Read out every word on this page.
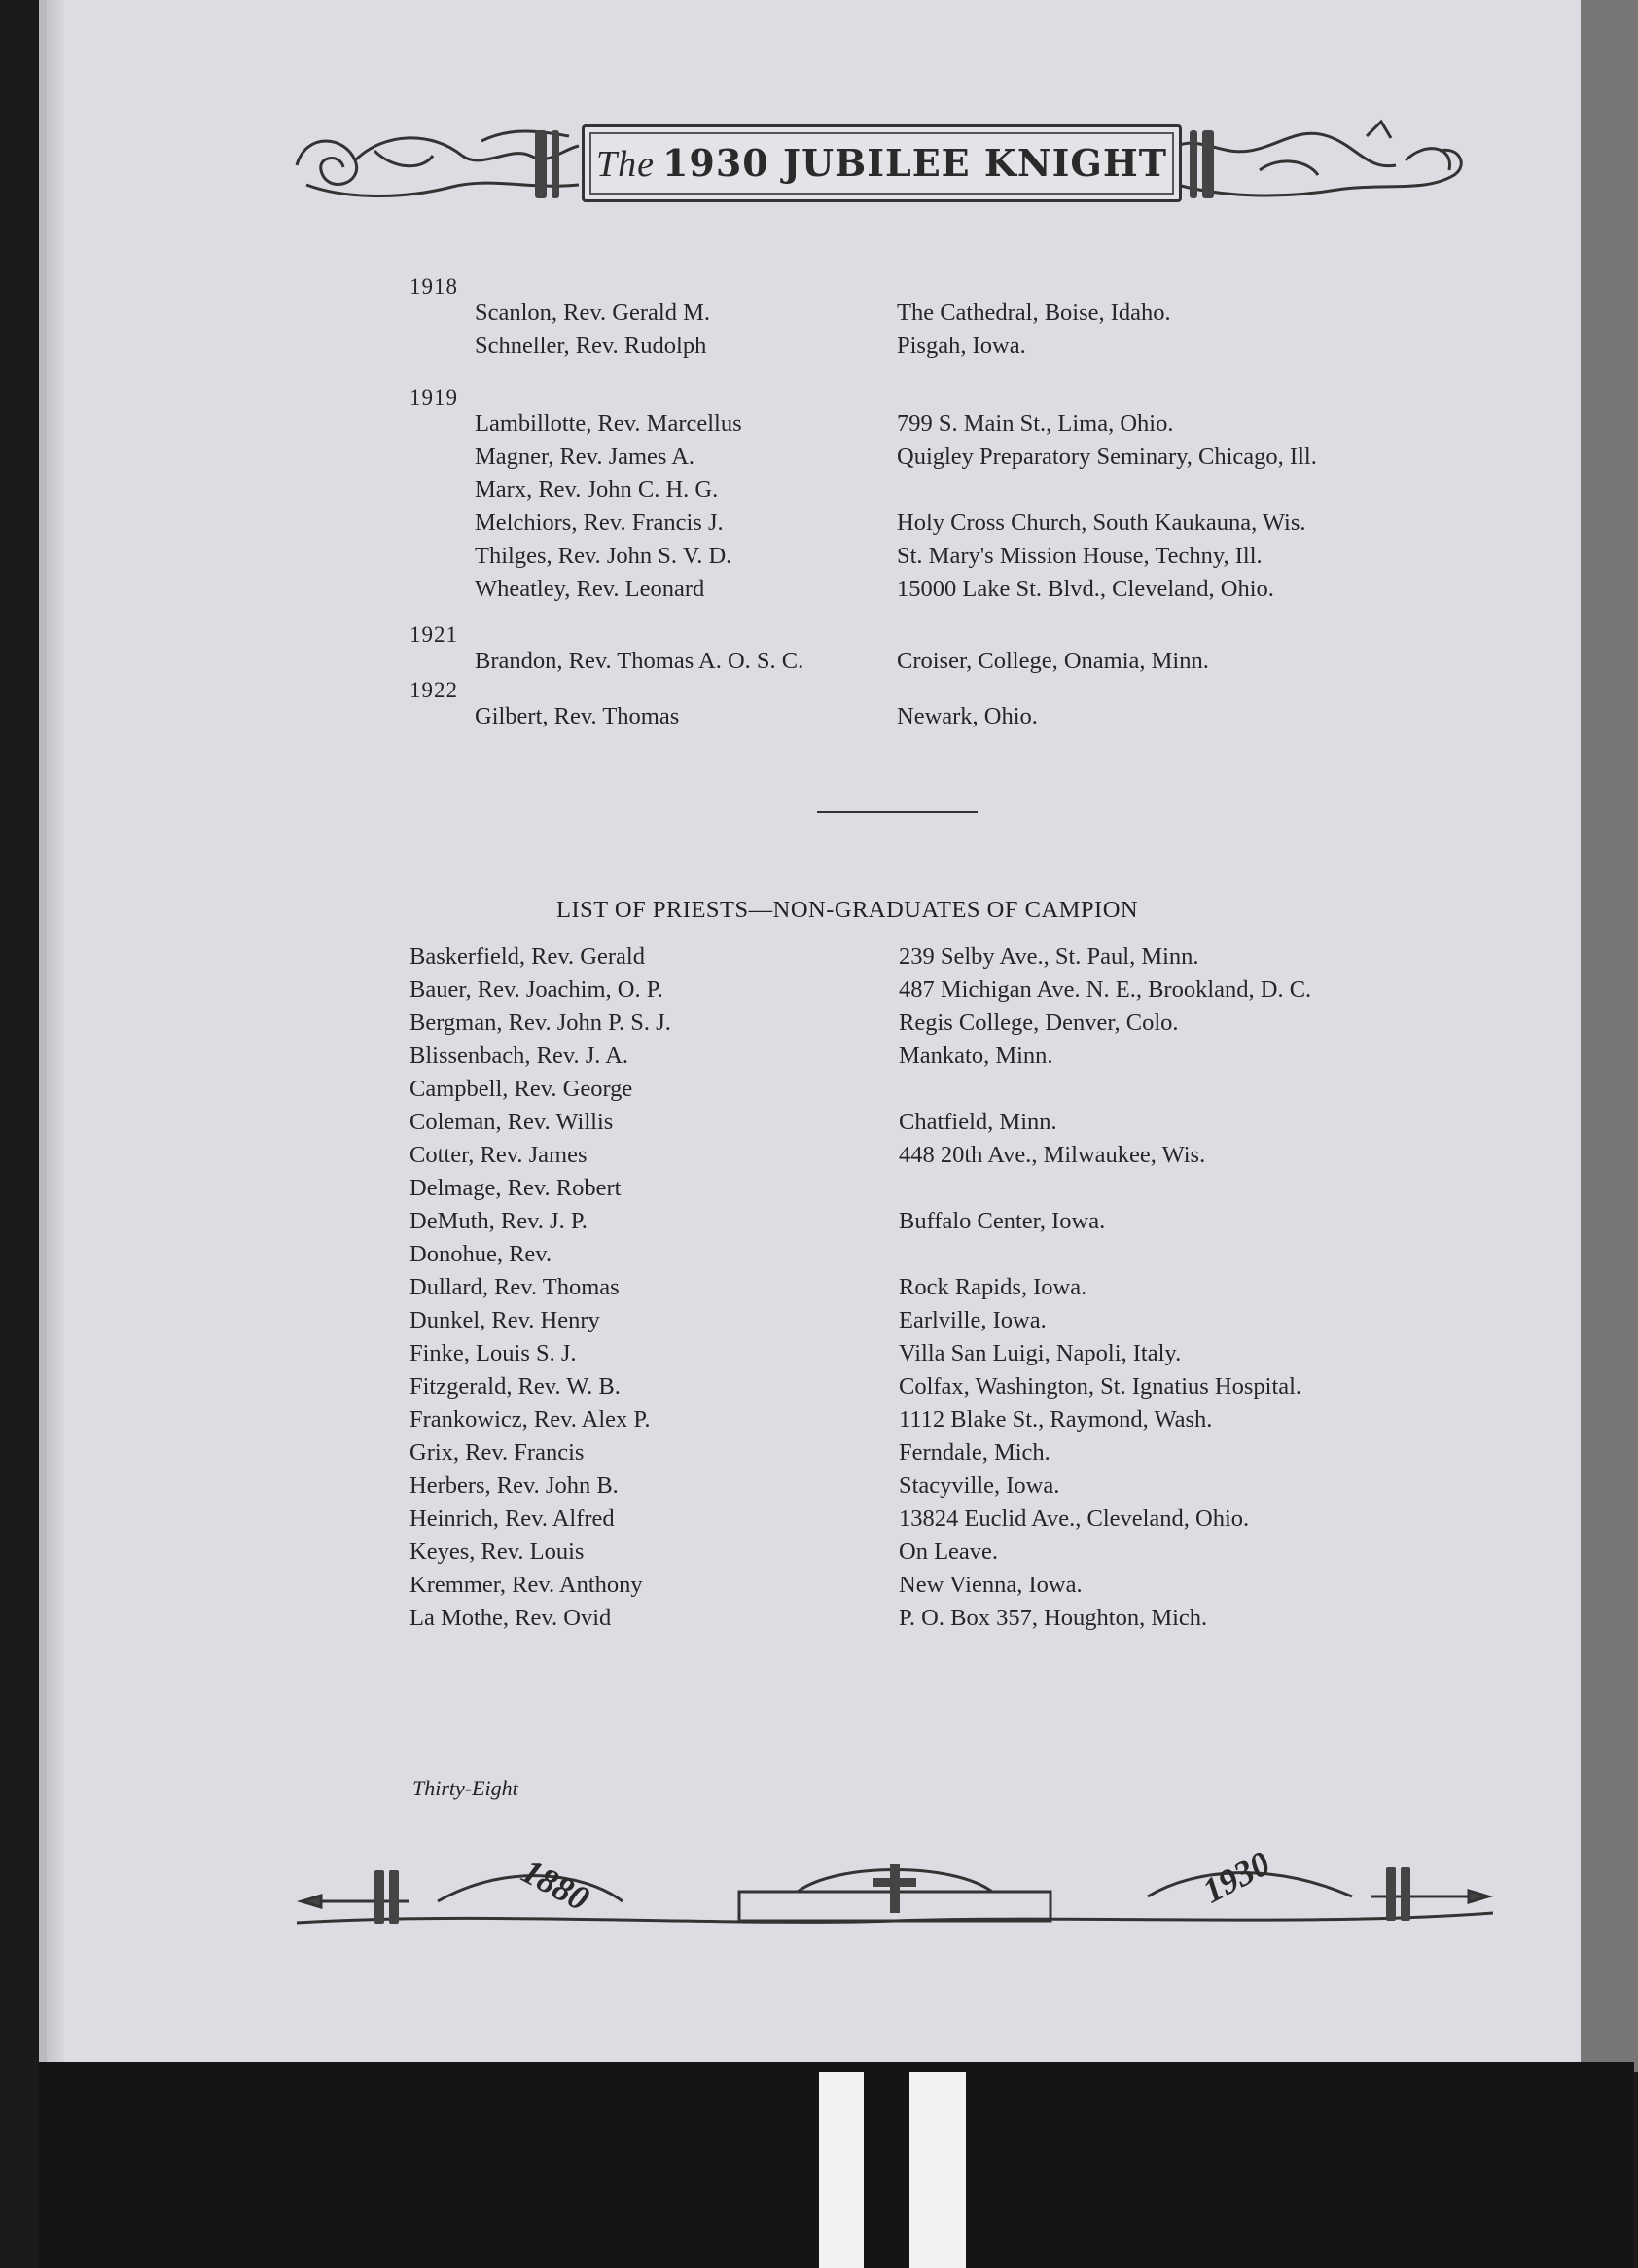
The 1930 JUBILEE KNIGHT
1918
Scanlon, Rev. Gerald M.	The Cathedral, Boise, Idaho.
Schneller, Rev. Rudolph	Pisgah, Iowa.
1919
Lambillotte, Rev. Marcellus	799 S. Main St., Lima, Ohio.
Magner, Rev. James A.	Quigley Preparatory Seminary, Chicago, Ill.
Marx, Rev. John C. H. G.
Melchiors, Rev. Francis J.	Holy Cross Church, South Kaukauna, Wis.
Thilges, Rev. John S. V. D.	St. Mary's Mission House, Techny, Ill.
Wheatley, Rev. Leonard	15000 Lake St. Blvd., Cleveland, Ohio.
1921
Brandon, Rev. Thomas A. O. S. C.	Croiser, College, Onamia, Minn.
1922
Gilbert, Rev. Thomas	Newark, Ohio.
LIST OF PRIESTS—NON-GRADUATES OF CAMPION
Baskerfield, Rev. Gerald	239 Selby Ave., St. Paul, Minn.
Bauer, Rev. Joachim, O. P.	487 Michigan Ave. N. E., Brookland, D. C.
Bergman, Rev. John P. S. J.	Regis College, Denver, Colo.
Blissenbach, Rev. J. A.	Mankato, Minn.
Campbell, Rev. George
Coleman, Rev. Willis	Chatfield, Minn.
Cotter, Rev. James	448 20th Ave., Milwaukee, Wis.
Delmage, Rev. Robert
DeMuth, Rev. J. P.	Buffalo Center, Iowa.
Donohue, Rev.
Dullard, Rev. Thomas	Rock Rapids, Iowa.
Dunkel, Rev. Henry	Earlville, Iowa.
Finke, Louis S. J.	Villa San Luigi, Napoli, Italy.
Fitzgerald, Rev. W. B.	Colfax, Washington, St. Ignatius Hospital.
Frankowicz, Rev. Alex P.	1112 Blake St., Raymond, Wash.
Grix, Rev. Francis	Ferndale, Mich.
Herbers, Rev. John B.	Stacyville, Iowa.
Heinrich, Rev. Alfred	13824 Euclid Ave., Cleveland, Ohio.
Keyes, Rev. Louis	On Leave.
Kremmer, Rev. Anthony	New Vienna, Iowa.
La Mothe, Rev. Ovid	P. O. Box 357, Houghton, Mich.
Thirty-Eight
1880	1930
